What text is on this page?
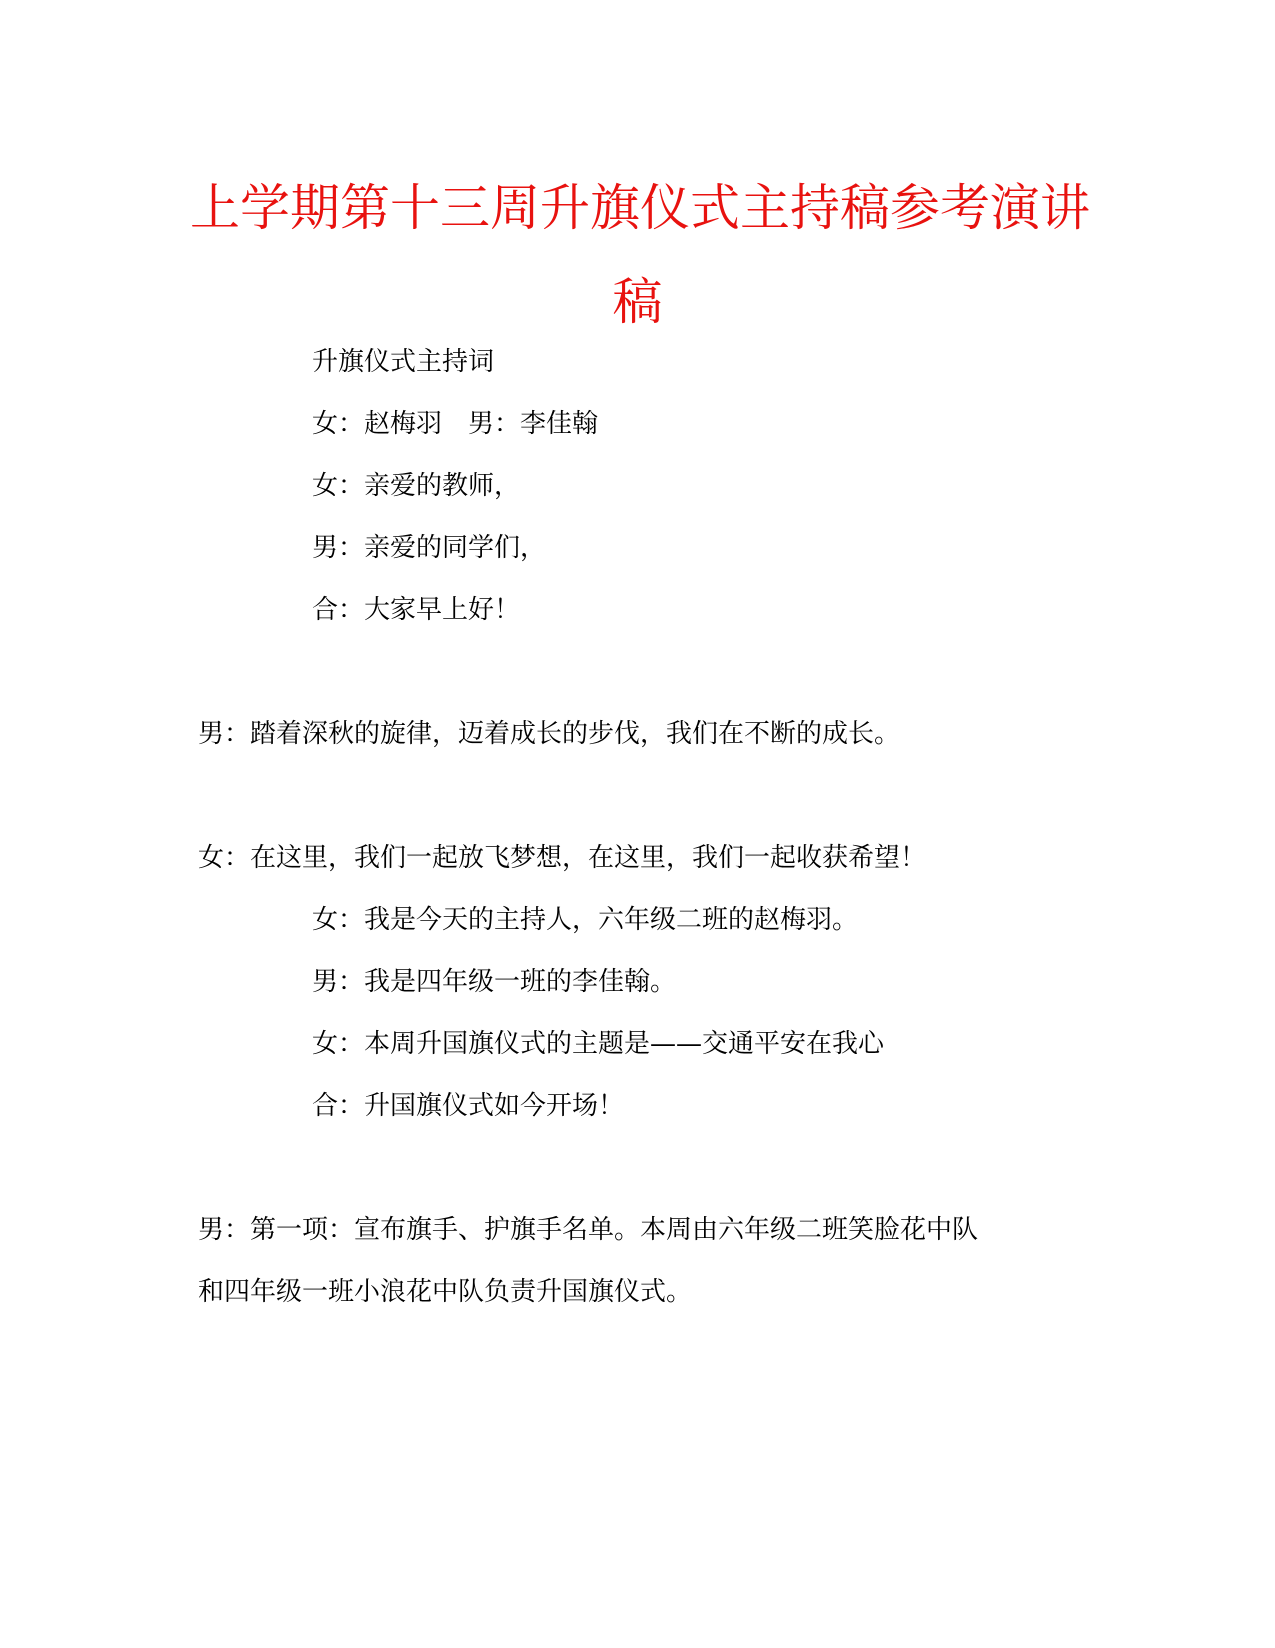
上学期第十三周升旗仪式主持稿参考演讲
稿

升旗仪式主持词

女：赵梅羽　男：李佳翰

女：亲爱的教师，

男：亲爱的同学们，

合：大家早上好！

男：踏着深秋的旋律，迈着成长的步伐，我们在不断的成长。

女：在这里，我们一起放飞梦想，在这里，我们一起收获希望！

女：我是今天的主持人，六年级二班的赵梅羽。

男：我是四年级一班的李佳翰。

女：本周升国旗仪式的主题是——交通平安在我心

合：升国旗仪式如今开场！

男：第一项：宣布旗手、护旗手名单。本周由六年级二班笑脸花中队

和四年级一班小浪花中队负责升国旗仪式。
